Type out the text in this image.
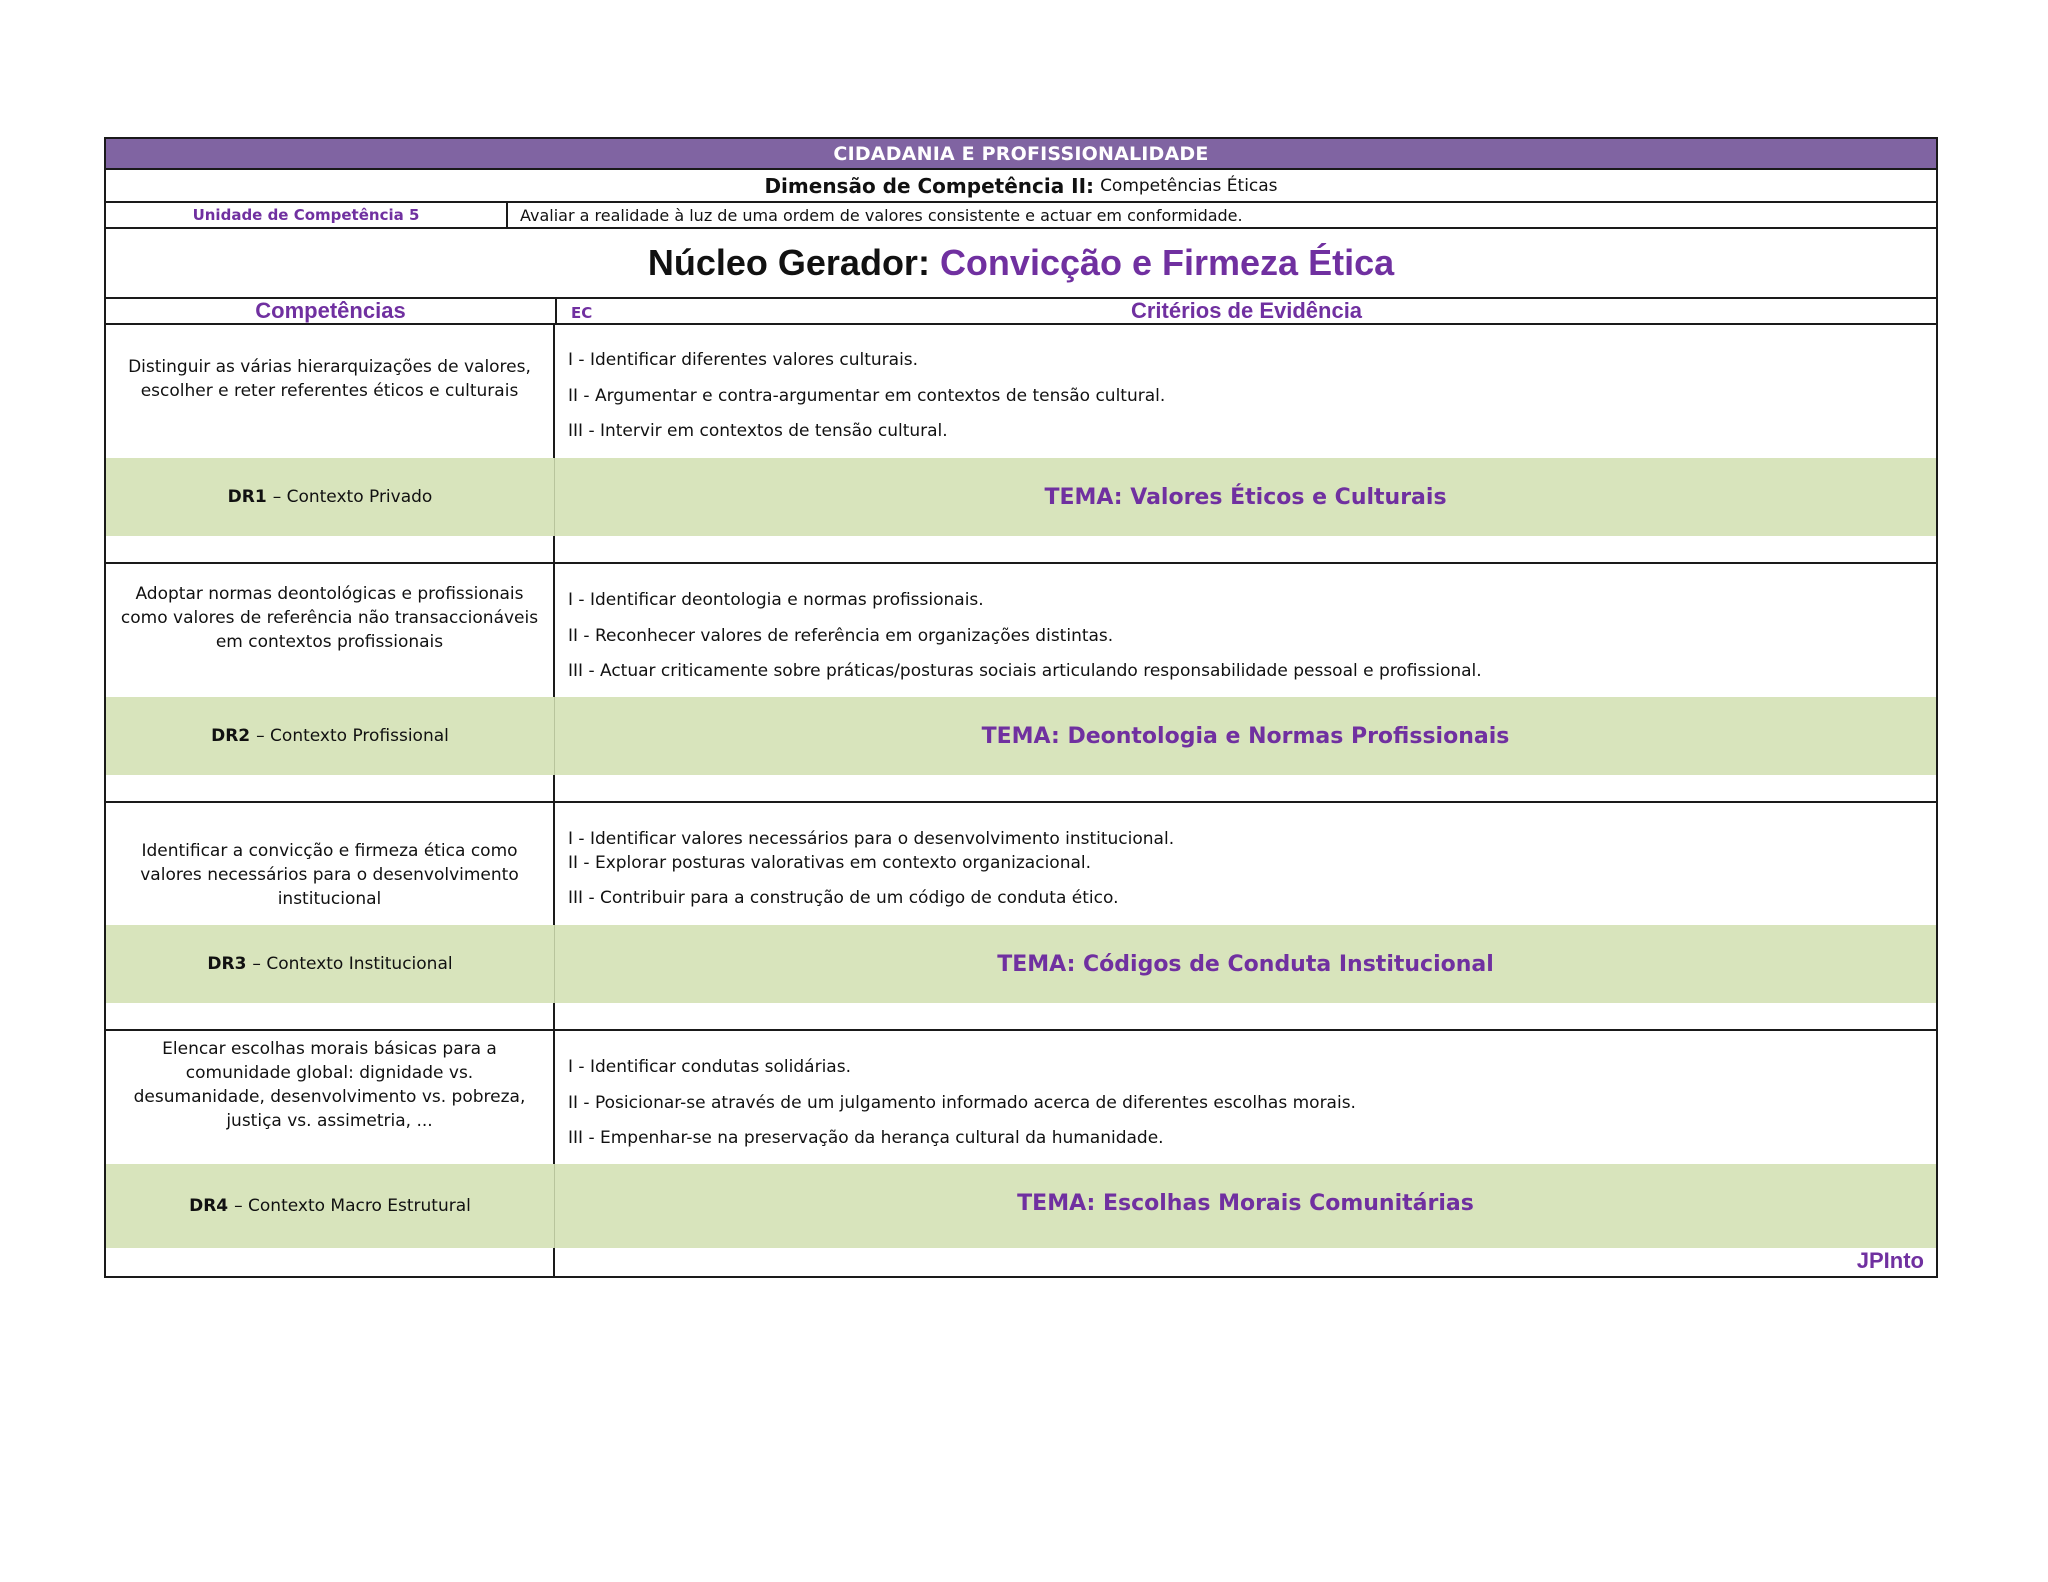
CIDADANIA E PROFISSIONALIDADE
Dimensão de Competência II: Competências Éticas
Unidade de Competência 5	Avaliar a realidade à luz de uma ordem de valores consistente e actuar em conformidade.
Núcleo Gerador: Convicção e Firmeza Ética
Competências	EC	Critérios de Evidência
Distinguir as várias hierarquizações de valores, escolher e reter referentes éticos e culturais
I - Identificar diferentes valores culturais.
II - Argumentar e contra-argumentar em contextos de tensão cultural.
III - Intervir em contextos de tensão cultural.
DR1 – Contexto Privado	TEMA: Valores Éticos e Culturais
Adoptar normas deontológicas e profissionais como valores de referência não transaccionáveis em contextos profissionais
I - Identificar deontologia e normas profissionais.
II - Reconhecer valores de referência em organizações distintas.
III - Actuar criticamente sobre práticas/posturas sociais articulando responsabilidade pessoal e profissional.
DR2 – Contexto Profissional	TEMA: Deontologia e Normas Profissionais
Identificar a convicção e firmeza ética como valores necessários para o desenvolvimento institucional
I - Identificar valores necessários para o desenvolvimento institucional.
II - Explorar posturas valorativas em contexto organizacional.
III - Contribuir para a construção de um código de conduta ético.
DR3 – Contexto Institucional	TEMA: Códigos de Conduta Institucional
Elencar escolhas morais básicas para a comunidade global: dignidade vs. desumanidade, desenvolvimento vs. pobreza, justiça vs. assimetria, ...
I - Identificar condutas solidárias.
II - Posicionar-se através de um julgamento informado acerca de diferentes escolhas morais.
III - Empenhar-se na preservação da herança cultural da humanidade.
DR4 – Contexto Macro Estrutural	TEMA: Escolhas Morais Comunitárias
JPInto
